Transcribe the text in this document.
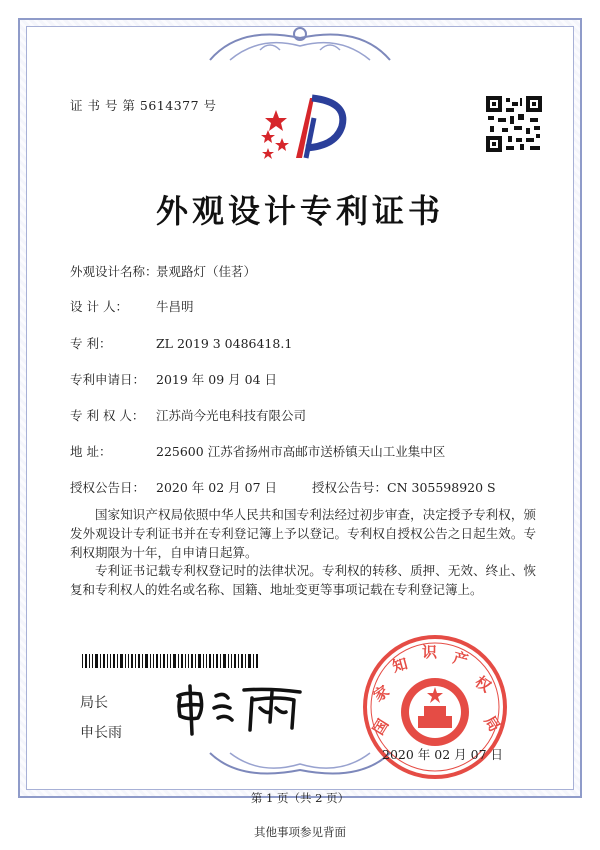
证 书 号 第 5614377 号
外观设计专利证书
外观设计名称：景观路灯（佳茗）
设 计 人： 牛昌明
专 利：	ZL 2019 3 0486418.1
专利申请日： 2019 年 09 月 04 日
专 利 权 人： 江苏尚今光电科技有限公司
地 址：	225600 江苏省扬州市高邮市送桥镇天山工业集中区
授权公告日： 2020 年 02 月 07 日	授权公告号：CN 305598920 S
国家知识产权局依照中华人民共和国专利法经过初步审查，决定授予专利权，颁发外观设计专利证书并在专利登记簿上予以登记。专利权自授权公告之日起生效。专利权期限为十年，自申请日起算。
专利证书记载专利权登记时的法律状况。专利权的转移、质押、无效、终止、恢复和专利权人的姓名或名称、国籍、地址变更等事项记载在专利登记簿上。
局长
申长雨	国
家
知
识 产
权
局
2020 年 02 月 07 日
第 1 页（共 2 页）
其他事项参见背面
